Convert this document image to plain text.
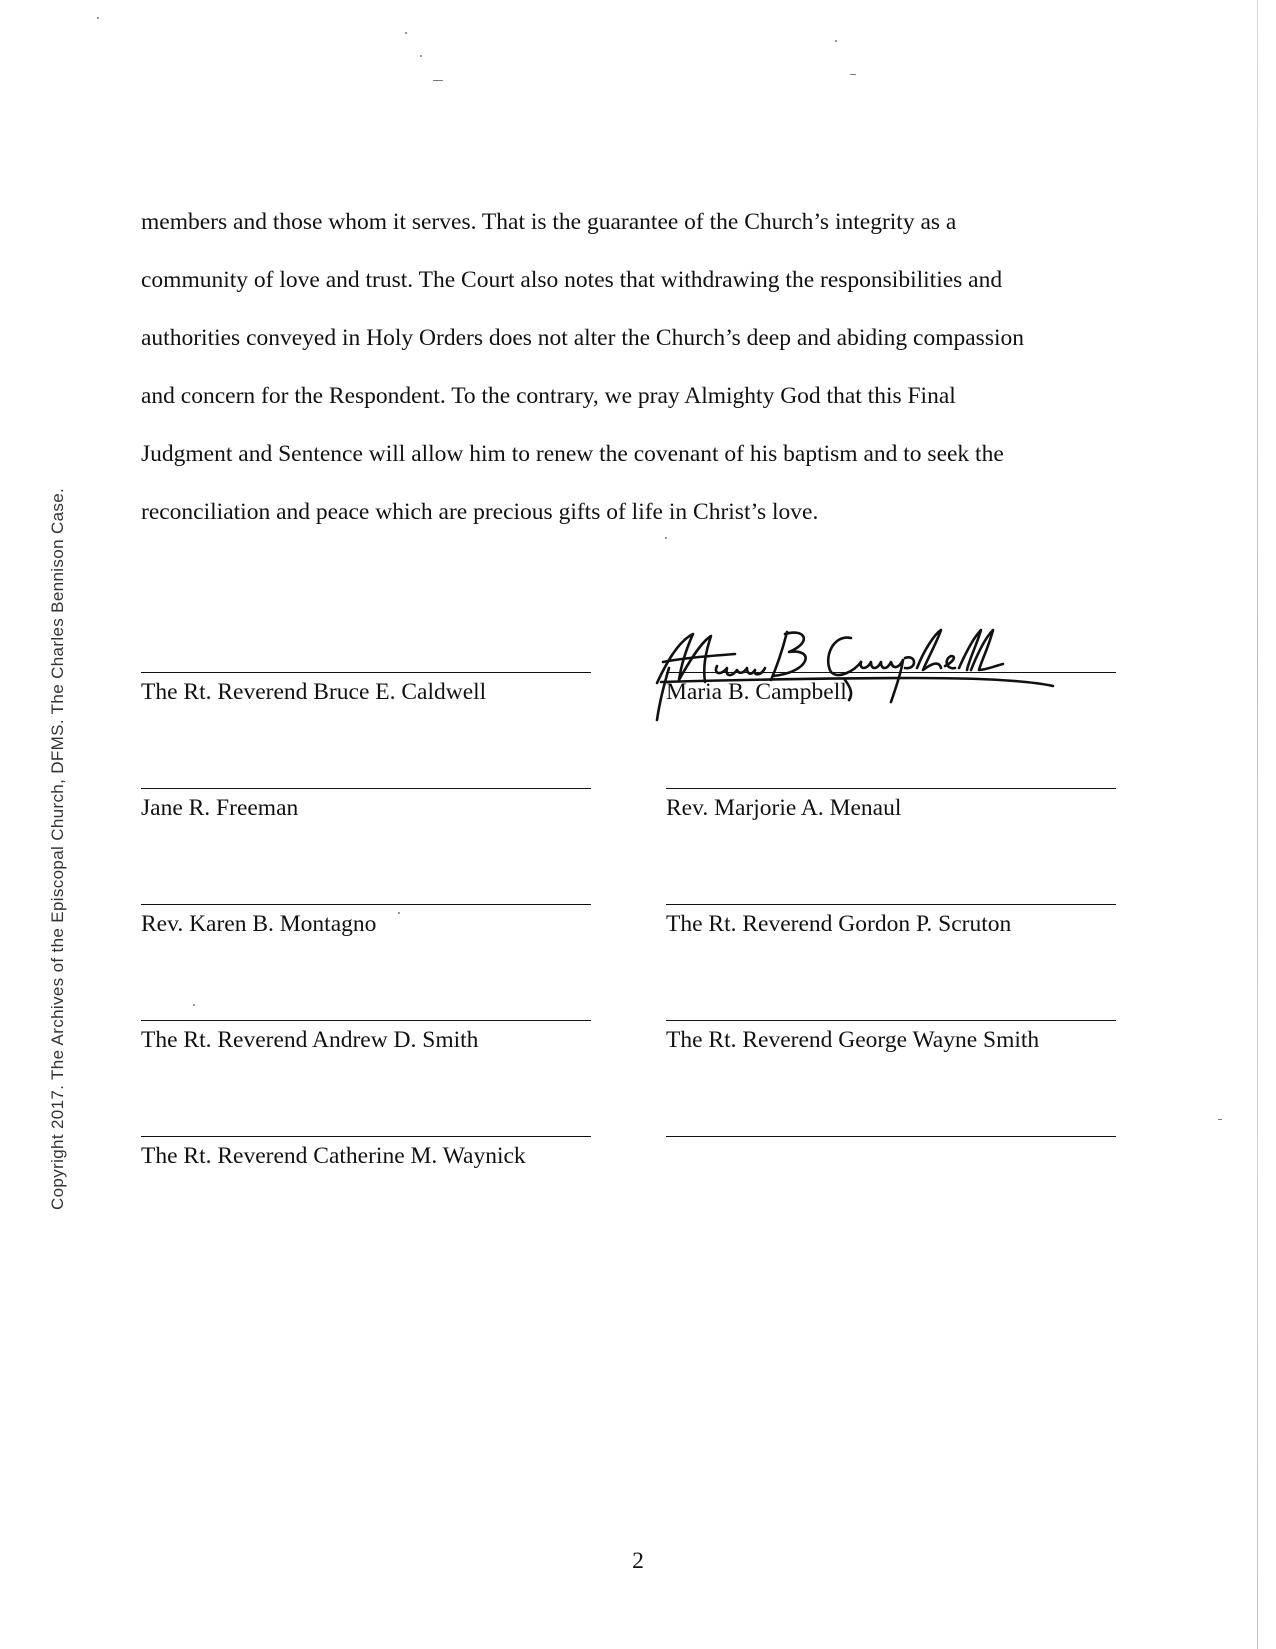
Copyright 2017. The Archives of the Episcopal Church, DFMS. The Charles Bennison Case.
members and those whom it serves. That is the guarantee of the Church’s integrity as a
community of love and trust. The Court also notes that withdrawing the responsibilities and
authorities conveyed in Holy Orders does not alter the Church’s deep and abiding compassion
and concern for the Respondent. To the contrary, we pray Almighty God that this Final
Judgment and Sentence will allow him to renew the covenant of his baptism and to seek the
reconciliation and peace which are precious gifts of life in Christ’s love.
The Rt. Reverend Bruce E. Caldwell	Maria B. Campbell
Jane R. Freeman	Rev. Marjorie A. Menaul
Rev. Karen B. Montagno	The Rt. Reverend Gordon P. Scruton
The Rt. Reverend Andrew D. Smith	The Rt. Reverend George Wayne Smith
The Rt. Reverend Catherine M. Waynick
2
